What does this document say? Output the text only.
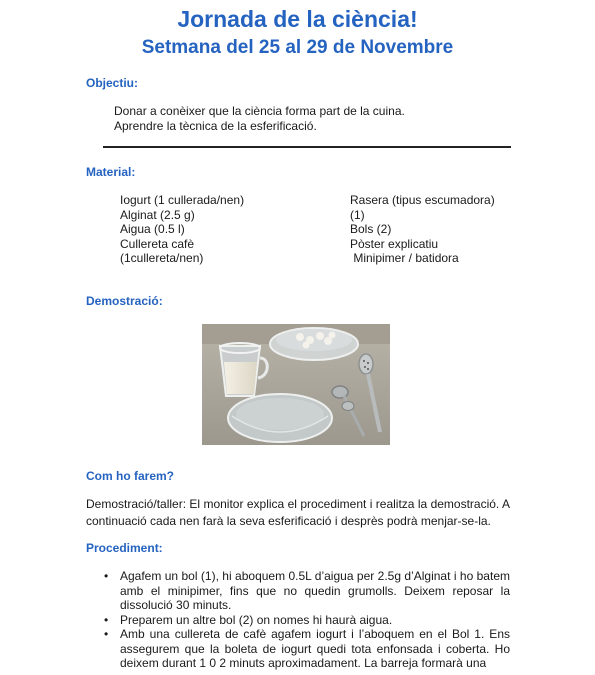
Jornada de la ciència!
Setmana del 25 al 29 de Novembre
Objectiu:
Donar a conèixer que la ciència forma part de la cuina.
Aprendre la tècnica de la esferificació.
Material:
Iogurt (1 cullerada/nen)
Alginat (2.5 g)
Aigua (0.5 l)
Cullereta cafè
(1cullereta/nen)
Rasera (tipus escumadora)
(1)
Bols (2)
Pòster explicatiu
Minipimer / batidora
Demostració:
Com ho farem?
Demostració/taller: El monitor explica el procediment i realitza la demostració. A continuació cada nen farà la seva esferificació i desprès podrà menjar-se-la.
Procediment:
• Agafem un bol (1), hi aboquem 0.5L d’aigua per 2.5g d’Alginat i ho batem amb el minipimer, fins que no quedin grumolls. Deixem reposar la dissolució 30 minuts.
• Preparem un altre bol (2) on nomes hi haurà aigua.
• Amb una cullereta de cafè agafem iogurt i l’aboquem en el Bol 1. Ens assegurem que la boleta de iogurt quedi tota enfonsada i coberta. Ho deixem durant 1 0 2 minuts aproximadament. La barreja formarà una
